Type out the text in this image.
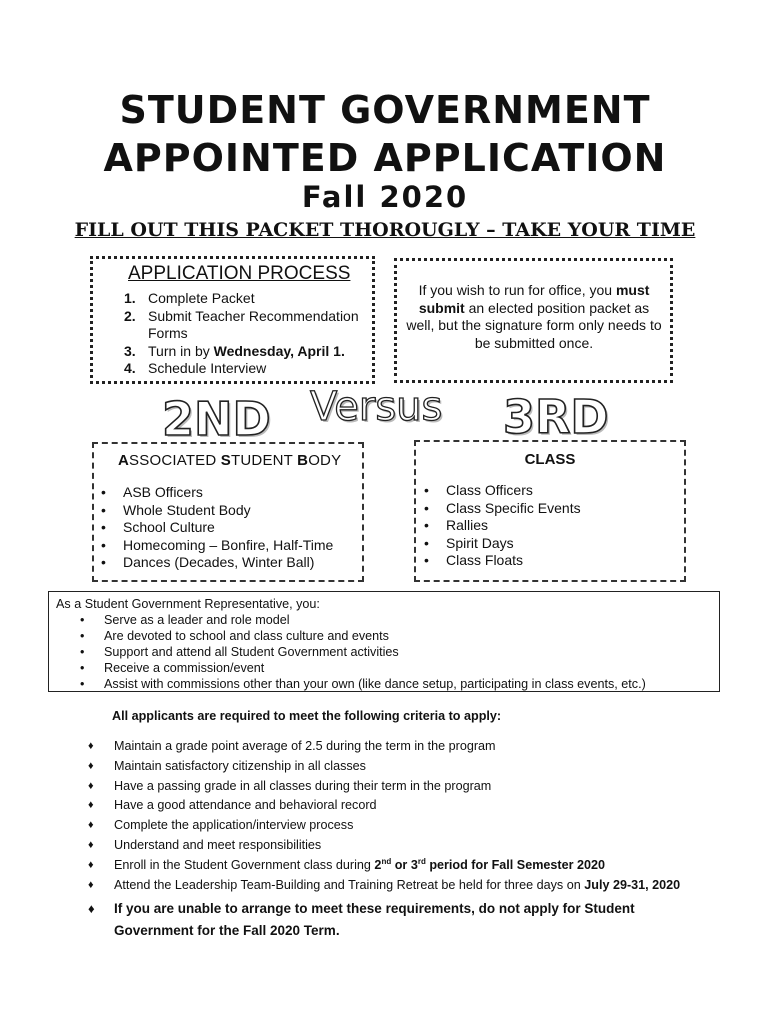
STUDENT GOVERNMENT
APPOINTED APPLICATION
Fall 2020
FILL OUT THIS PACKET THOROUGLY – TAKE YOUR TIME
APPLICATION PROCESS
1. Complete Packet
2. Submit Teacher Recommendation Forms
3. Turn in by Wednesday, April 1.
4. Schedule Interview
If you wish to run for office, you must submit an elected position packet as well, but the signature form only needs to be submitted once.
2ND Versus 3RD
ASSOCIATED STUDENT BODY
• ASB Officers
• Whole Student Body
• School Culture
• Homecoming – Bonfire, Half-Time
• Dances (Decades, Winter Ball)
CLASS
• Class Officers
• Class Specific Events
• Rallies
• Spirit Days
• Class Floats
As a Student Government Representative, you:
• Serve as a leader and role model
• Are devoted to school and class culture and events
• Support and attend all Student Government activities
• Receive a commission/event
• Assist with commissions other than your own (like dance setup, participating in class events, etc.)
All applicants are required to meet the following criteria to apply:
♦ Maintain a grade point average of 2.5 during the term in the program
♦ Maintain satisfactory citizenship in all classes
♦ Have a passing grade in all classes during their term in the program
♦ Have a good attendance and behavioral record
♦ Complete the application/interview process
♦ Understand and meet responsibilities
♦ Enroll in the Student Government class during 2nd or 3rd period for Fall Semester 2020
♦ Attend the Leadership Team-Building and Training Retreat be held for three days on July 29-31, 2020
♦ If you are unable to arrange to meet these requirements, do not apply for Student Government for the Fall 2020 Term.
